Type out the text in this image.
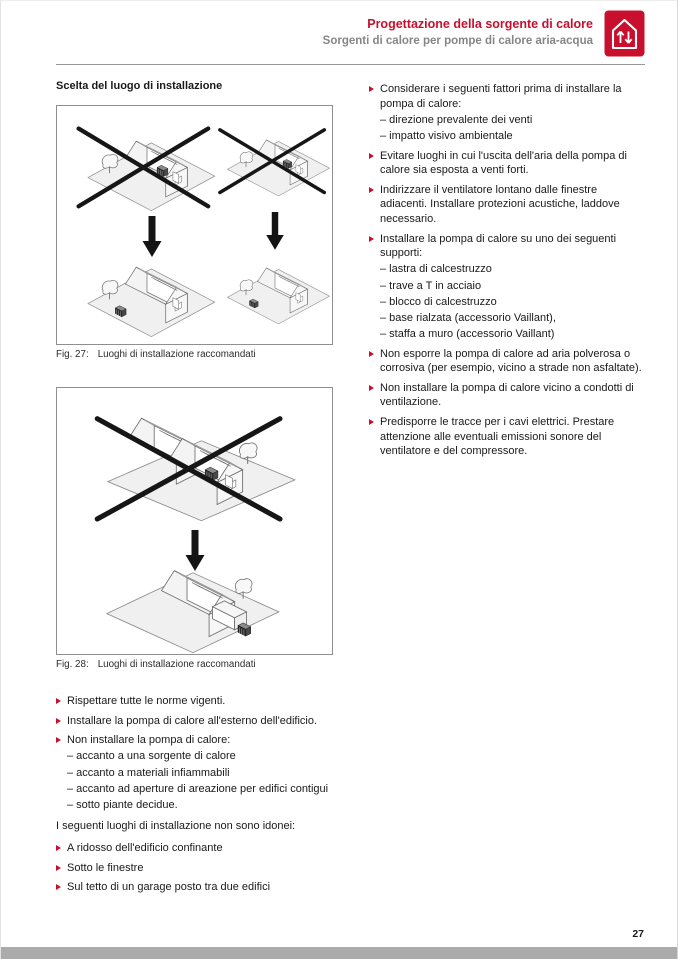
Progettazione della sorgente di calore
Sorgenti di calore per pompe di calore aria-acqua
Scelta del luogo di installazione
Fig. 27: Luoghi di installazione raccomandati
Fig. 28: Luoghi di installazione raccomandati
Rispettare tutte le norme vigenti.
Installare la pompa di calore all'esterno dell'edificio.
Non installare la pompa di calore:
– accanto a una sorgente di calore
– accanto a materiali infiammabili
– accanto ad aperture di areazione per edifici contigui
– sotto piante decidue.
I seguenti luoghi di installazione non sono idonei:
A ridosso dell'edificio confinante
Sotto le finestre
Sul tetto di un garage posto tra due edifici
Considerare i seguenti fattori prima di installare la pompa di calore:
– direzione prevalente dei venti
– impatto visivo ambientale
Evitare luoghi in cui l'uscita dell'aria della pompa di calore sia esposta a venti forti.
Indirizzare il ventilatore lontano dalle finestre adiacenti. Installare protezioni acustiche, laddove necessario.
Installare la pompa di calore su uno dei seguenti supporti:
– lastra di calcestruzzo
– trave a T in acciaio
– blocco di calcestruzzo
– base rialzata (accessorio Vaillant),
– staffa a muro (accessorio Vaillant)
Non esporre la pompa di calore ad aria polverosa o corrosiva (per esempio, vicino a strade non asfaltate).
Non installare la pompa di calore vicino a condotti di ventilazione.
Predisporre le tracce per i cavi elettrici. Prestare attenzione alle eventuali emissioni sonore del ventilatore e del compressore.
27
